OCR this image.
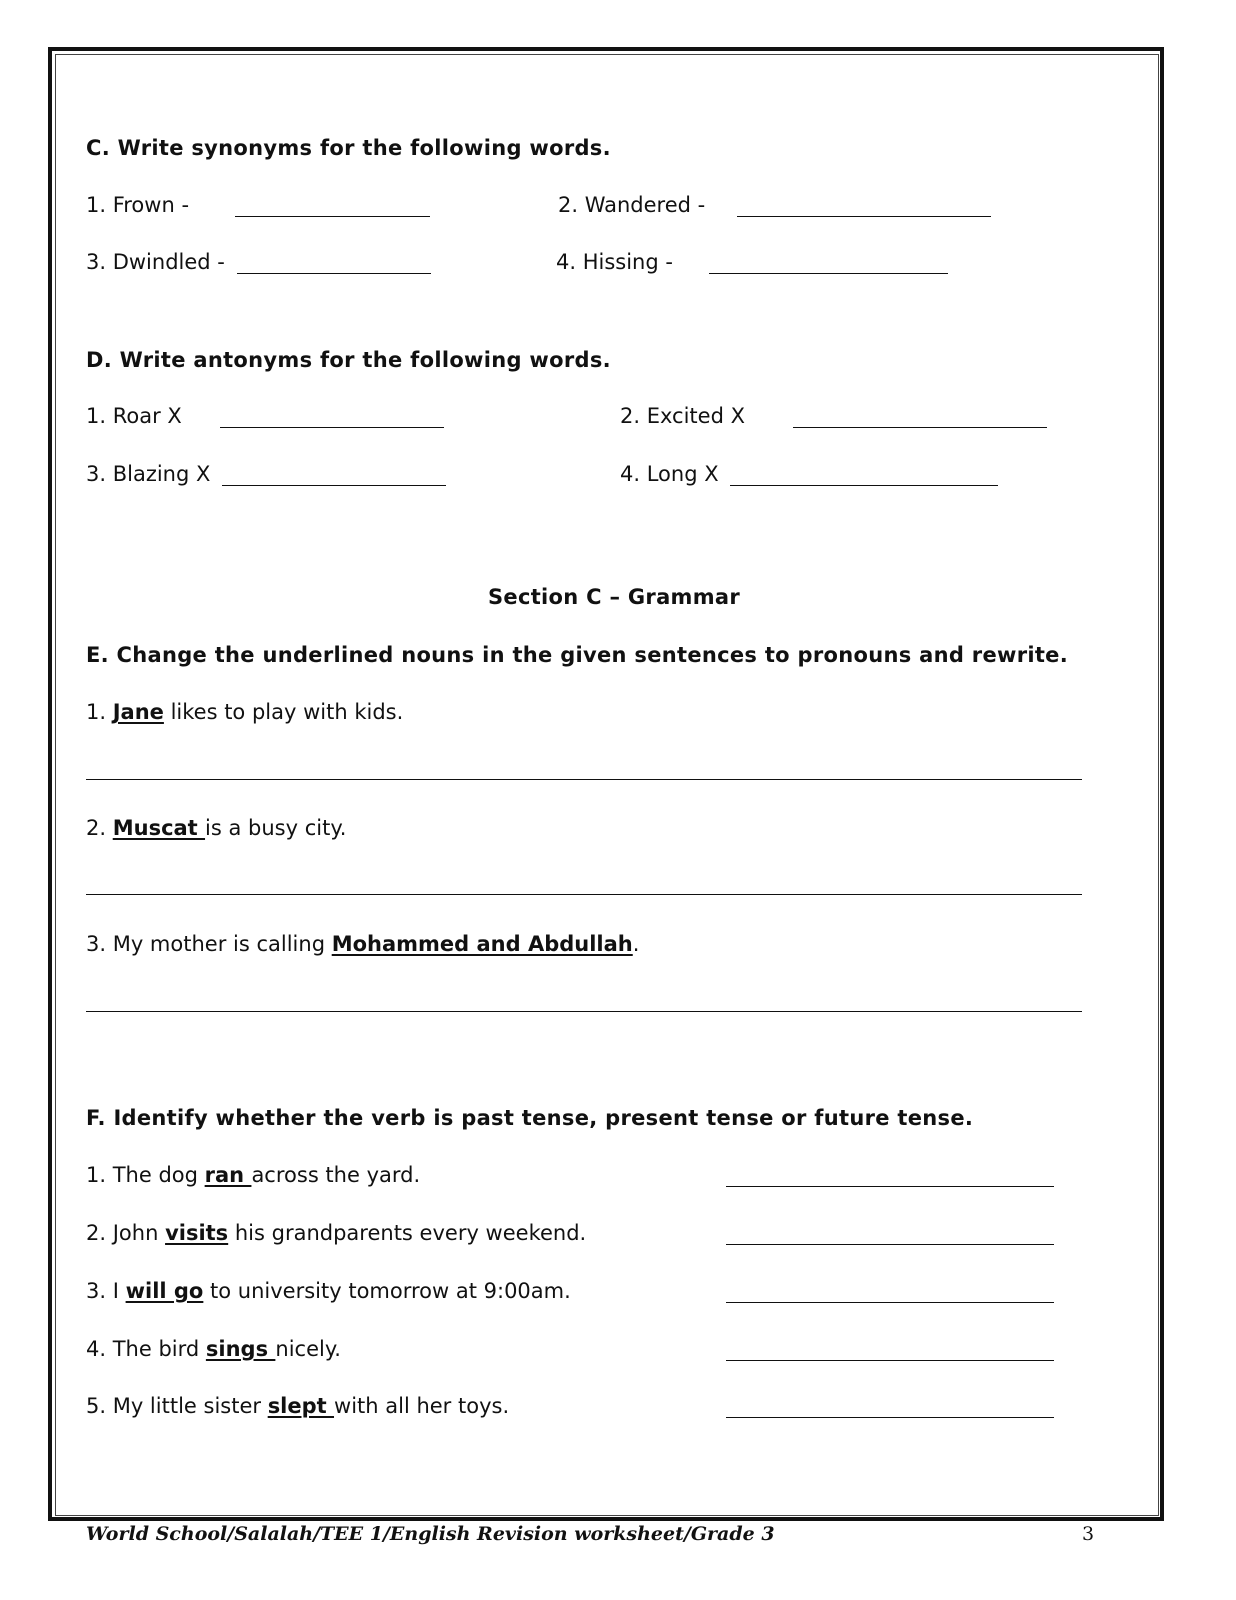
C. Write synonyms for the following words.
1. Frown -	2. Wandered -
3. Dwindled -	4. Hissing -
D. Write antonyms for the following words.
1. Roar X	2. Excited X
3. Blazing X	4. Long X
Section C – Grammar
E. Change the underlined nouns in the given sentences to pronouns and rewrite.
1. Jane likes to play with kids.
2. Muscat is a busy city.
3. My mother is calling Mohammed and Abdullah.
F. Identify whether the verb is past tense, present tense or future tense.
1. The dog ran across the yard.
2. John visits his grandparents every weekend.
3. I will go to university tomorrow at 9:00am.
4. The bird sings nicely.
5. My little sister slept with all her toys.
World School/Salalah/TEE 1/English Revision worksheet/Grade 3	3
